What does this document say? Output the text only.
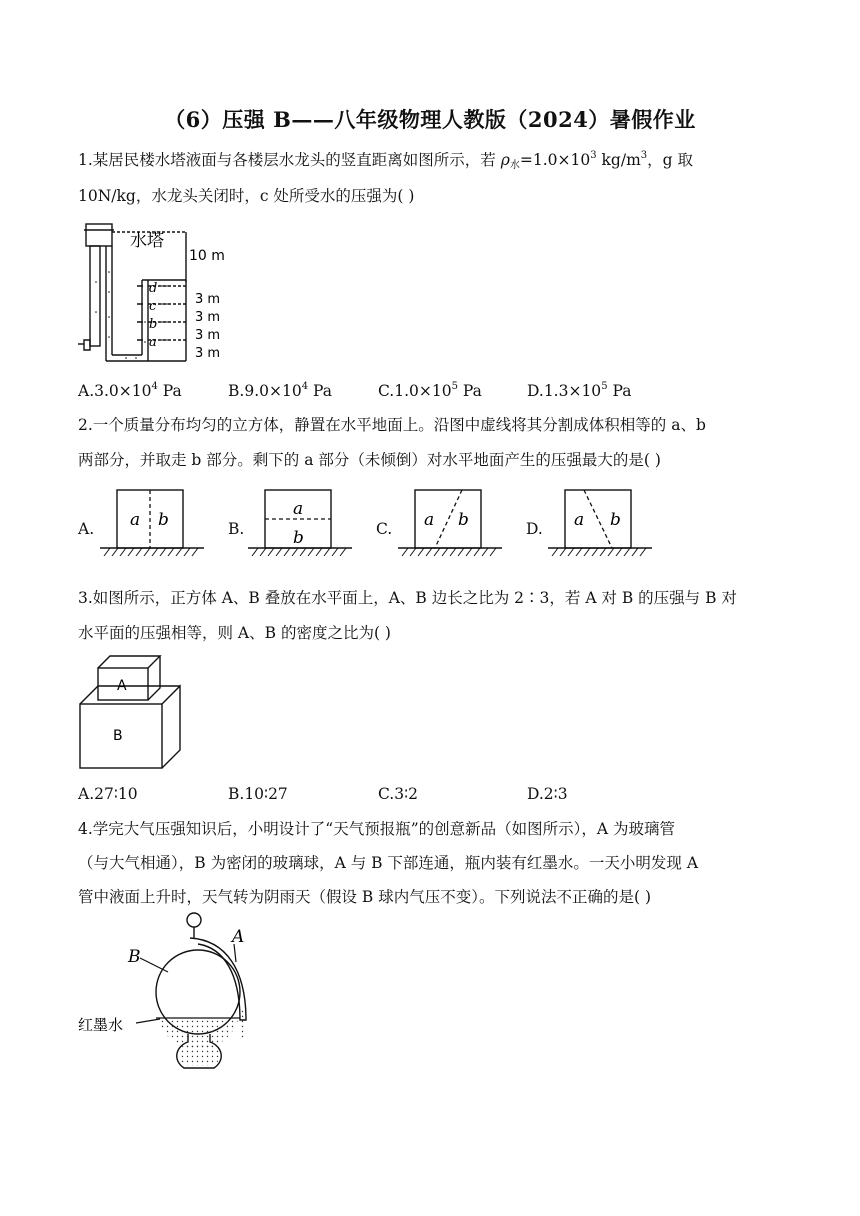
（6）压强 B——八年级物理人教版（2024）暑假作业
1.某居民楼水塔液面与各楼层水龙头的竖直距离如图所示，若 $\rho_水=1.0\times 10^3$ $kg/m^3$，g 取
10N/kg，水龙头关闭时，c 处所受水的压强为( )
水塔
10 m
d
c
b
a
3 m
3 m
3 m
3 m
$A.3.0\times 10^4$ Pa	$B.9.0\times 10^4$ Pa	$C.1.0\times 10^5$ Pa	$D.1.3\times 10^5$ Pa
2.一个质量分布均匀的立方体，静置在水平地面上。沿图中虚线将其分割成体积相等的 a、b
两部分，并取走 b 部分。剩下的 a 部分（未倾倒）对水平地面产生的压强最大的是( )
A.	B.	C.	D.
a b
a
b
a b	a b
3.如图所示，正方体 A、B 叠放在水平面上，A、B 边长之比为 2∶3，若 A 对 B 的压强与 B 对
水平面的压强相等，则 A、B 的密度之比为( )
A
B
A.27∶10	B.10∶27	C.3∶2	D.2∶3
4.学完大气压强知识后，小明设计了“天气预报瓶”的创意新品（如图所示），A 为玻璃管
（与大气相通），B 为密闭的玻璃球，A 与 B 下部连通，瓶内装有红墨水。一天小明发现 A
管中液面上升时，天气转为阴雨天（假设 B 球内气压不变）。下列说法不正确的是( )
B
A
红墨水
